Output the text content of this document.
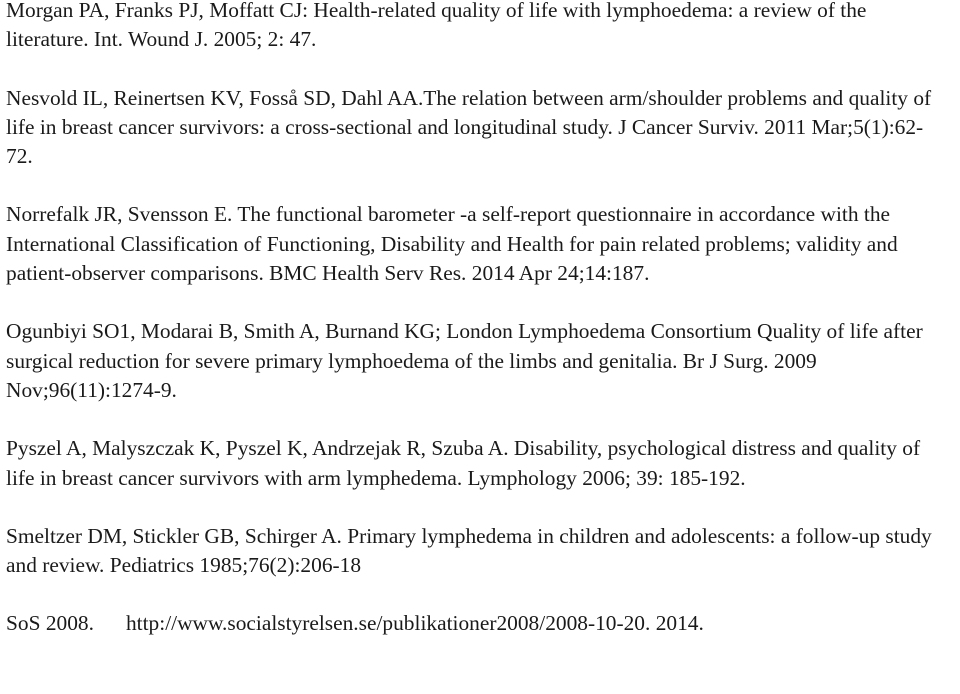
Morgan PA, Franks PJ, Moffatt CJ: Health-related quality of life with lymphoedema: a review of the literature. Int. Wound J. 2005; 2: 47.

Nesvold IL, Reinertsen KV, Fosså SD, Dahl AA.The relation between arm/shoulder problems and quality of life in breast cancer survivors: a cross-sectional and longitudinal study. J Cancer Surviv. 2011 Mar;5(1):62-72.

Norrefalk JR, Svensson E. The functional barometer -a self-report questionnaire in accordance with the International Classification of Functioning, Disability and Health for pain related problems; validity and patient-observer comparisons. BMC Health Serv Res. 2014 Apr 24;14:187.

Ogunbiyi SO1, Modarai B, Smith A, Burnand KG; London Lymphoedema Consortium Quality of life after surgical reduction for severe primary lymphoedema of the limbs and genitalia. Br J Surg. 2009 Nov;96(11):1274-9.

Pyszel A, Malyszczak K, Pyszel K, Andrzejak R, Szuba A. Disability, psychological distress and quality of life in breast cancer survivors with arm lymphedema. Lymphology 2006; 39: 185-192.

Smeltzer DM, Stickler GB, Schirger A. Primary lymphedema in children and adolescents: a follow-up study and review. Pediatrics 1985;76(2):206-18

SoS 2008. http://www.socialstyrelsen.se/publikationer2008/2008-10-20. 2014.
